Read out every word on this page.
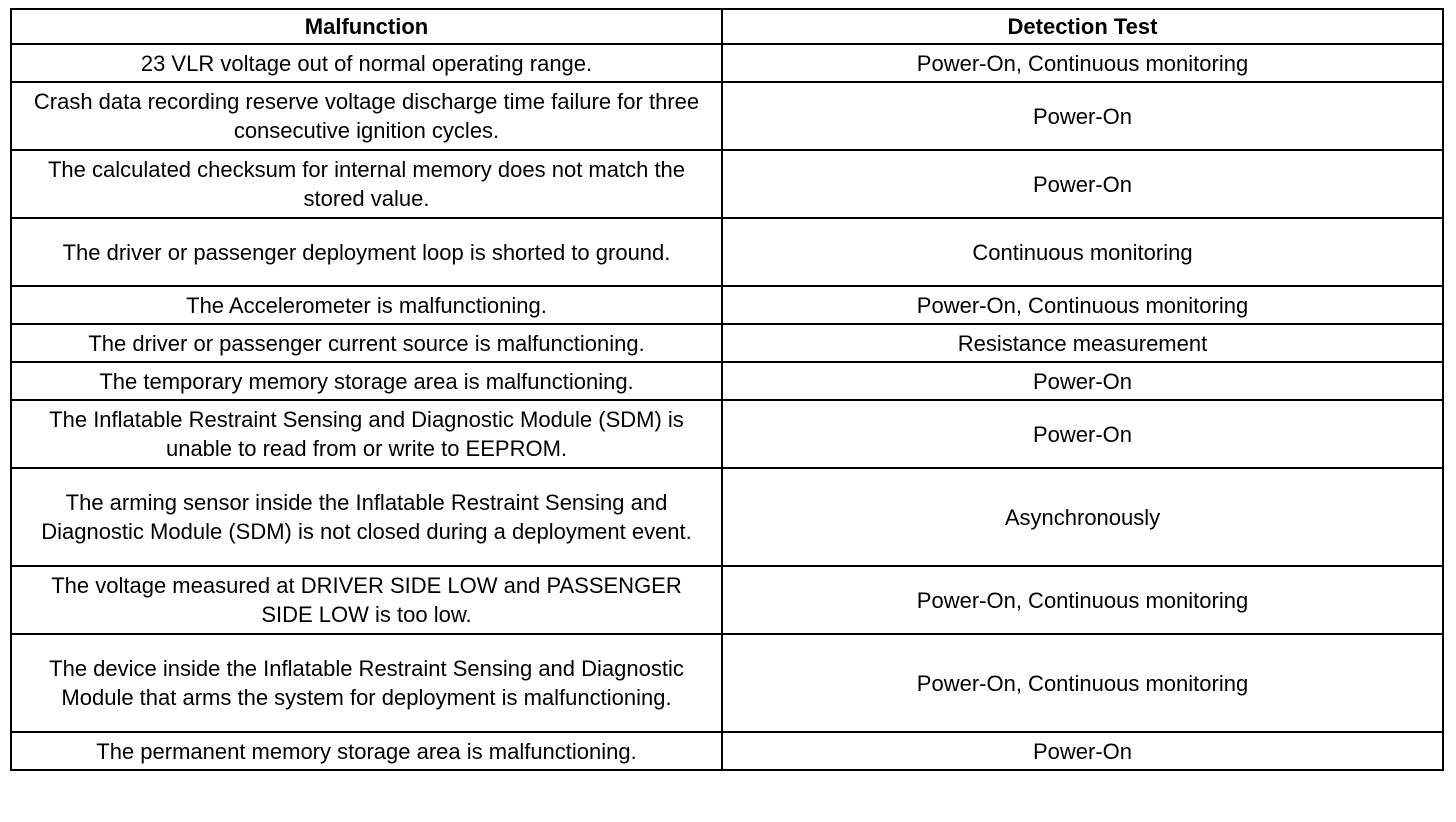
Malfunction	Detection Test
23 VLR voltage out of normal operating range.	Power-On, Continuous monitoring
Crash data recording reserve voltage discharge time failure for three consecutive ignition cycles.	Power-On
The calculated checksum for internal memory does not match the stored value.	Power-On
The driver or passenger deployment loop is shorted to ground.	Continuous monitoring
The Accelerometer is malfunctioning.	Power-On, Continuous monitoring
The driver or passenger current source is malfunctioning.	Resistance measurement
The temporary memory storage area is malfunctioning.	Power-On
The Inflatable Restraint Sensing and Diagnostic Module (SDM) is unable to read from or write to EEPROM.	Power-On
The arming sensor inside the Inflatable Restraint Sensing and Diagnostic Module (SDM) is not closed during a deployment event.	Asynchronously
The voltage measured at DRIVER SIDE LOW and PASSENGER SIDE LOW is too low.	Power-On, Continuous monitoring
The device inside the Inflatable Restraint Sensing and Diagnostic Module that arms the system for deployment is malfunctioning.	Power-On, Continuous monitoring
The permanent memory storage area is malfunctioning.	Power-On
